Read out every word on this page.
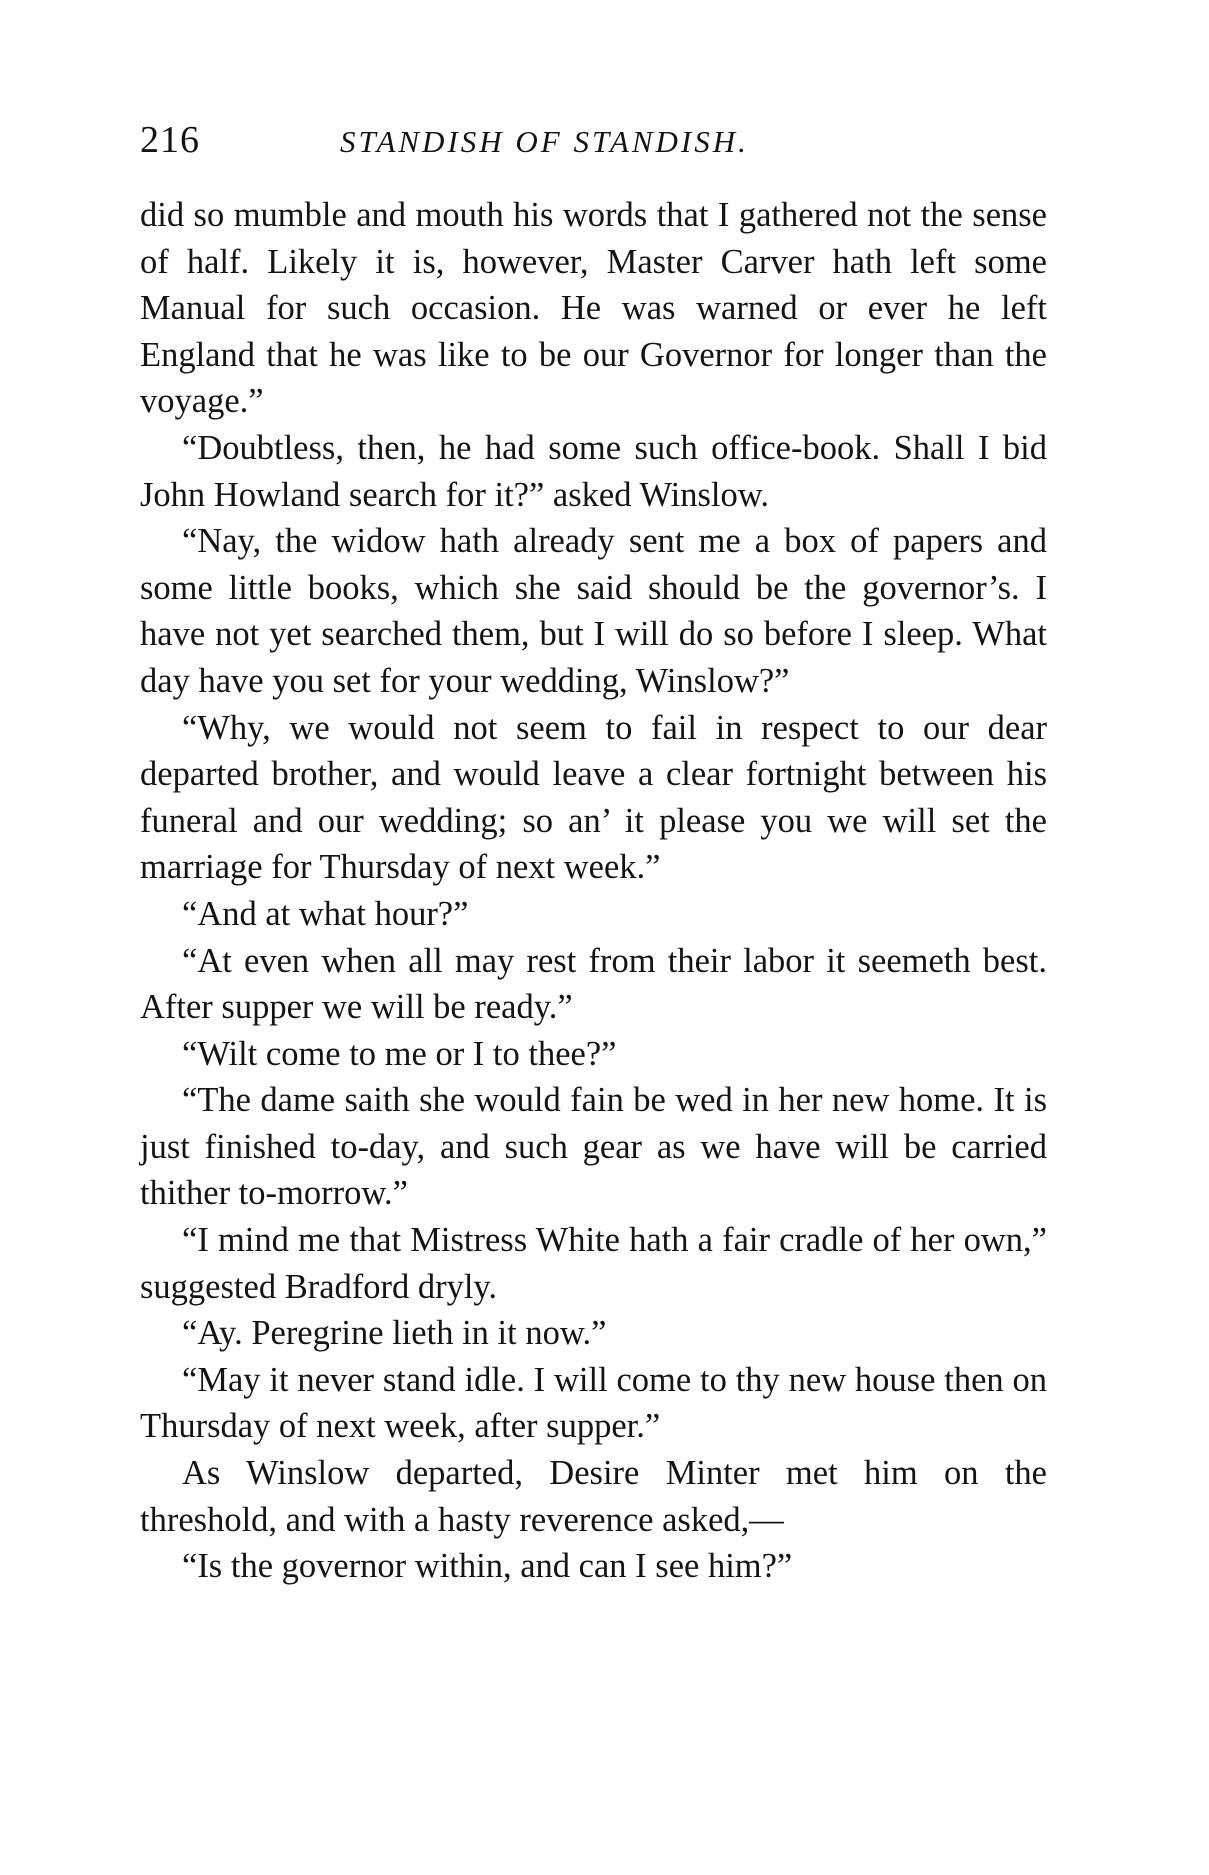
216	STANDISH OF STANDISH.

did so mumble and mouth his words that I gathered not the sense of half. Likely it is, however, Master Carver hath left some Manual for such occasion. He was warned or ever he left England that he was like to be our Governor for longer than the voyage.”

“Doubtless, then, he had some such office-book. Shall I bid John Howland search for it?” asked Winslow.

“Nay, the widow hath already sent me a box of papers and some little books, which she said should be the governor’s. I have not yet searched them, but I will do so before I sleep. What day have you set for your wedding, Winslow?”

“Why, we would not seem to fail in respect to our dear departed brother, and would leave a clear fortnight between his funeral and our wedding; so an’ it please you we will set the marriage for Thursday of next week.”

“And at what hour?”

“At even when all may rest from their labor it seemeth best. After supper we will be ready.”

“Wilt come to me or I to thee?”

“The dame saith she would fain be wed in her new home. It is just finished to-day, and such gear as we have will be carried thither to-morrow.”

“I mind me that Mistress White hath a fair cradle of her own,” suggested Bradford dryly.

“Ay. Peregrine lieth in it now.”

“May it never stand idle. I will come to thy new house then on Thursday of next week, after supper.”

As Winslow departed, Desire Minter met him on the threshold, and with a hasty reverence asked,—

“Is the governor within, and can I see him?”
